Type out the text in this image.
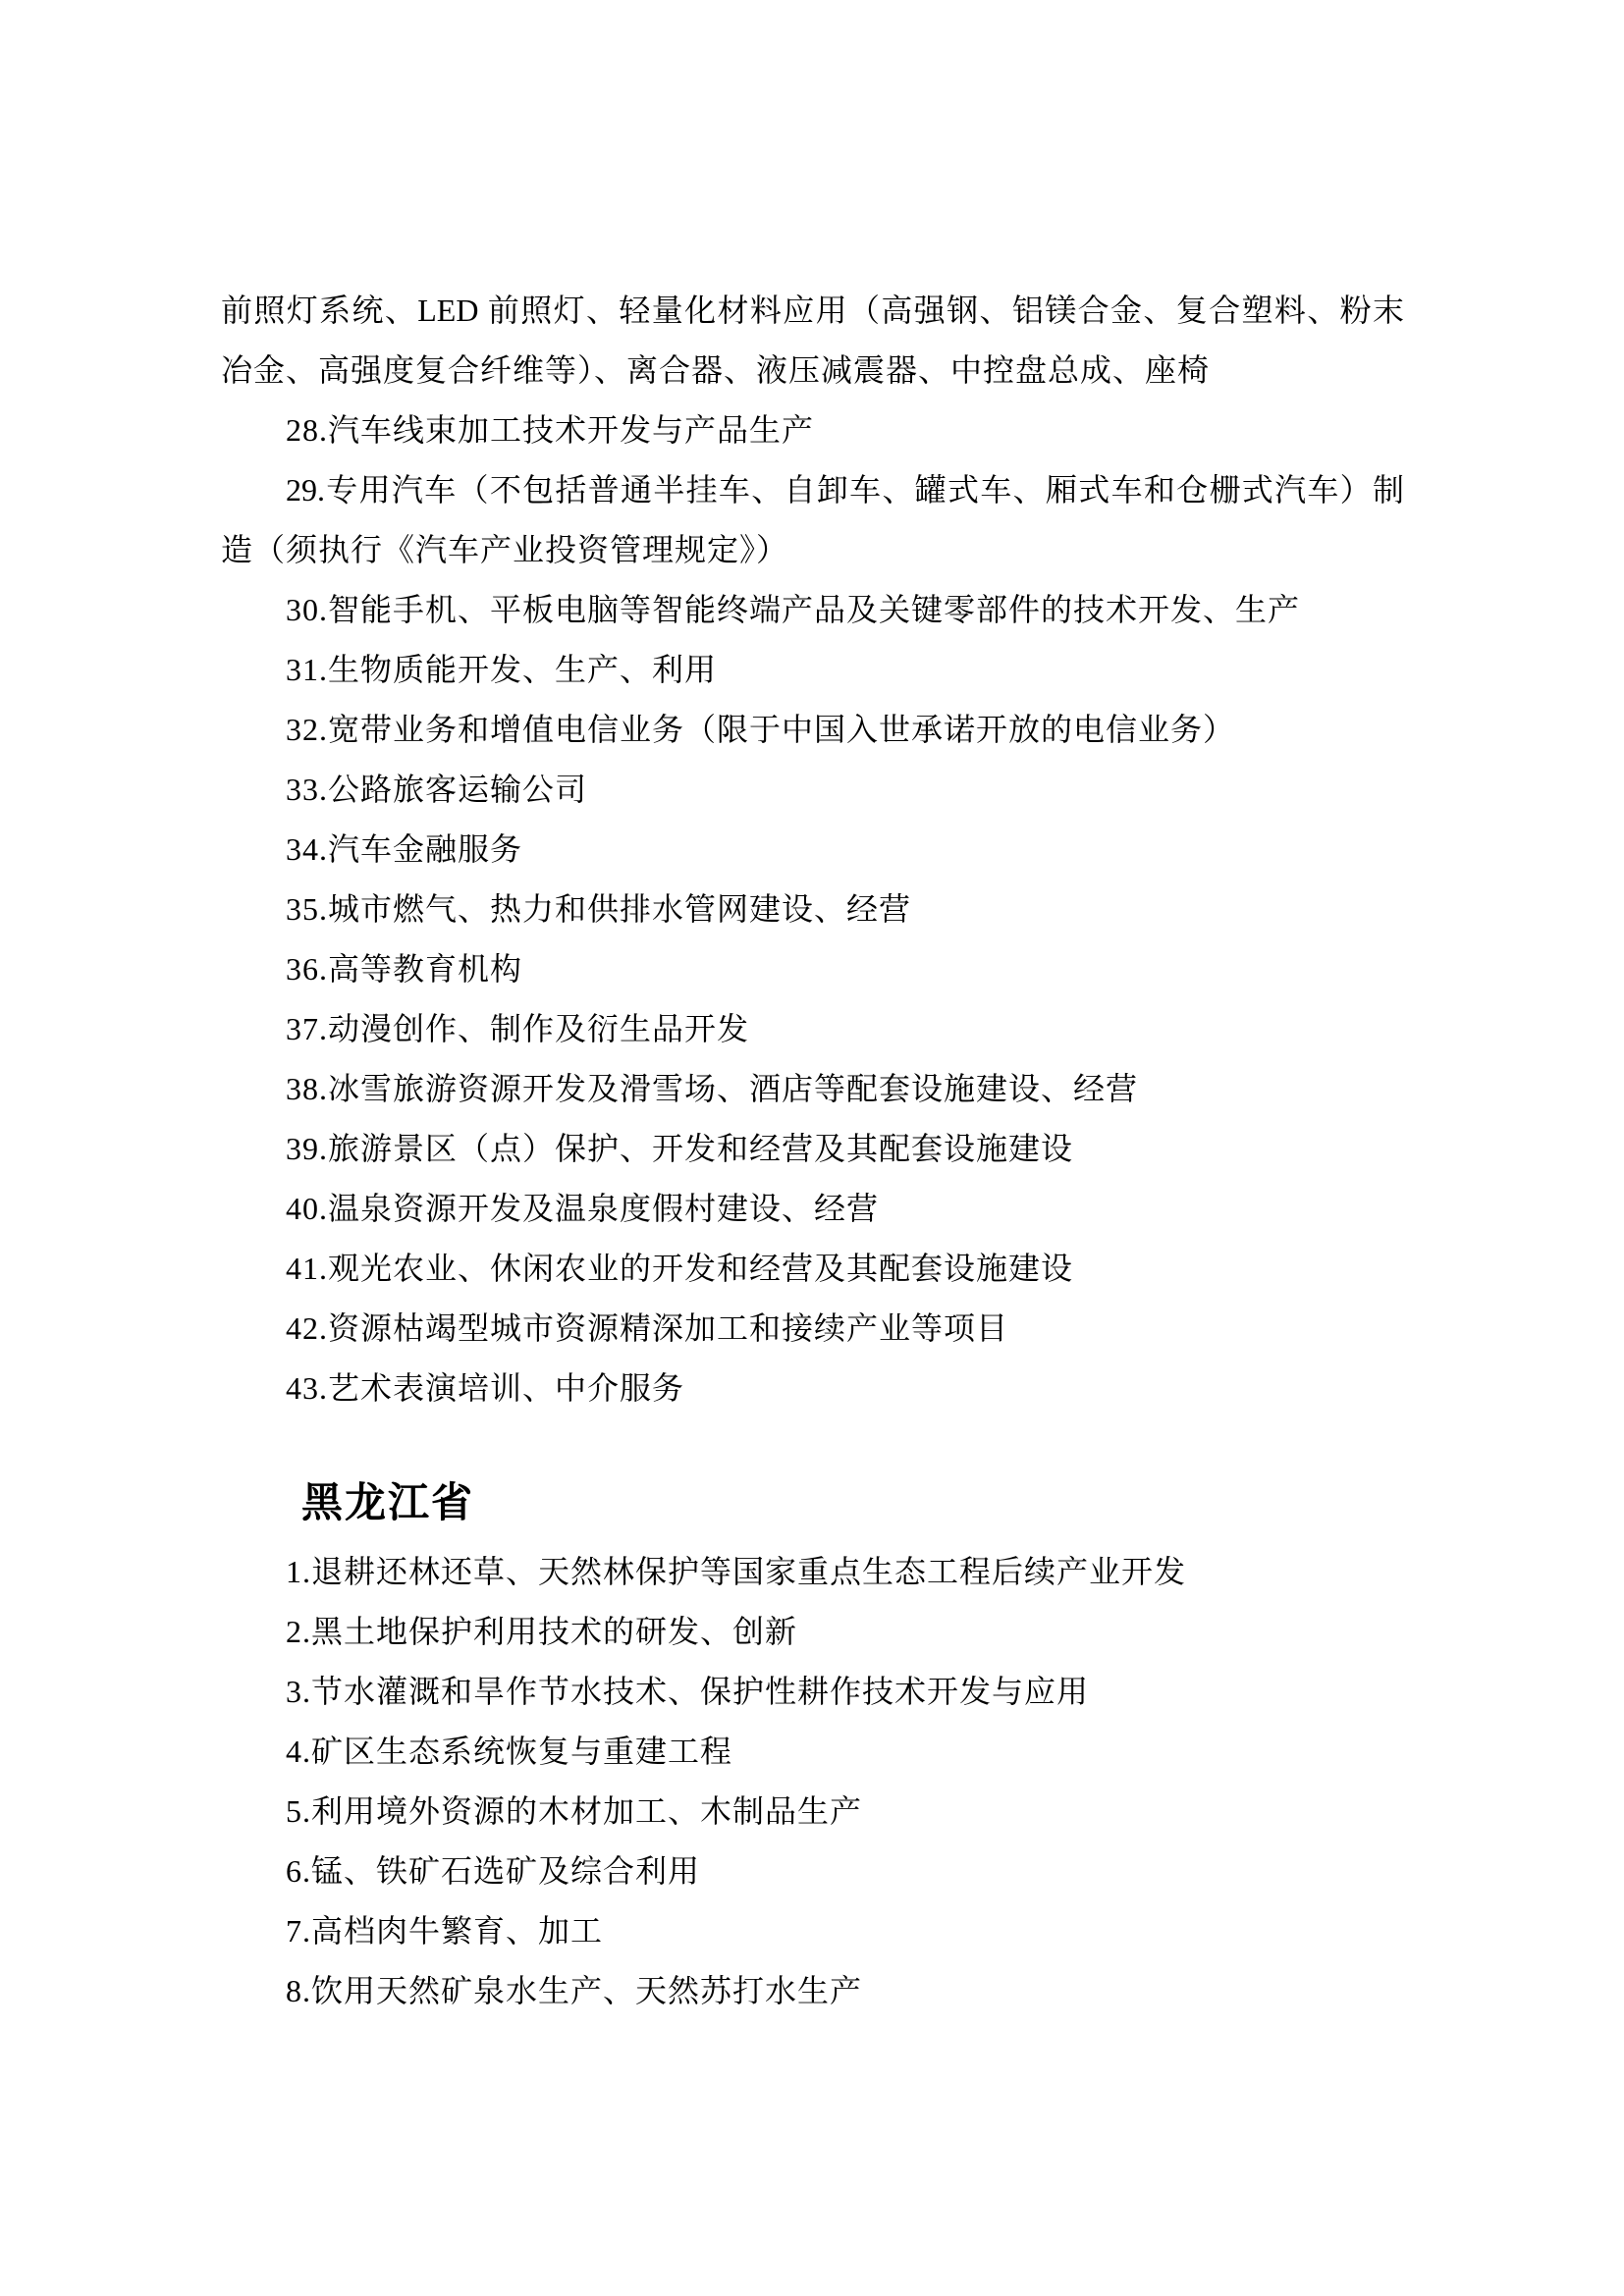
前照灯系统、LED 前照灯、轻量化材料应用（高强钢、铝镁合金、复合塑料、粉末
冶金、高强度复合纤维等）、离合器、液压减震器、中控盘总成、座椅
28.汽车线束加工技术开发与产品生产
29.专用汽车（不包括普通半挂车、自卸车、罐式车、厢式车和仓栅式汽车）制
造（须执行《汽车产业投资管理规定》）
30.智能手机、平板电脑等智能终端产品及关键零部件的技术开发、生产
31.生物质能开发、生产、利用
32.宽带业务和增值电信业务（限于中国入世承诺开放的电信业务）
33.公路旅客运输公司
34.汽车金融服务
35.城市燃气、热力和供排水管网建设、经营
36.高等教育机构
37.动漫创作、制作及衍生品开发
38.冰雪旅游资源开发及滑雪场、酒店等配套设施建设、经营
39.旅游景区（点）保护、开发和经营及其配套设施建设
40.温泉资源开发及温泉度假村建设、经营
41.观光农业、休闲农业的开发和经营及其配套设施建设
42.资源枯竭型城市资源精深加工和接续产业等项目
43.艺术表演培训、中介服务
黑龙江省
1.退耕还林还草、天然林保护等国家重点生态工程后续产业开发
2.黑土地保护利用技术的研发、创新
3.节水灌溉和旱作节水技术、保护性耕作技术开发与应用
4.矿区生态系统恢复与重建工程
5.利用境外资源的木材加工、木制品生产
6.锰、铁矿石选矿及综合利用
7.高档肉牛繁育、加工
8.饮用天然矿泉水生产、天然苏打水生产
